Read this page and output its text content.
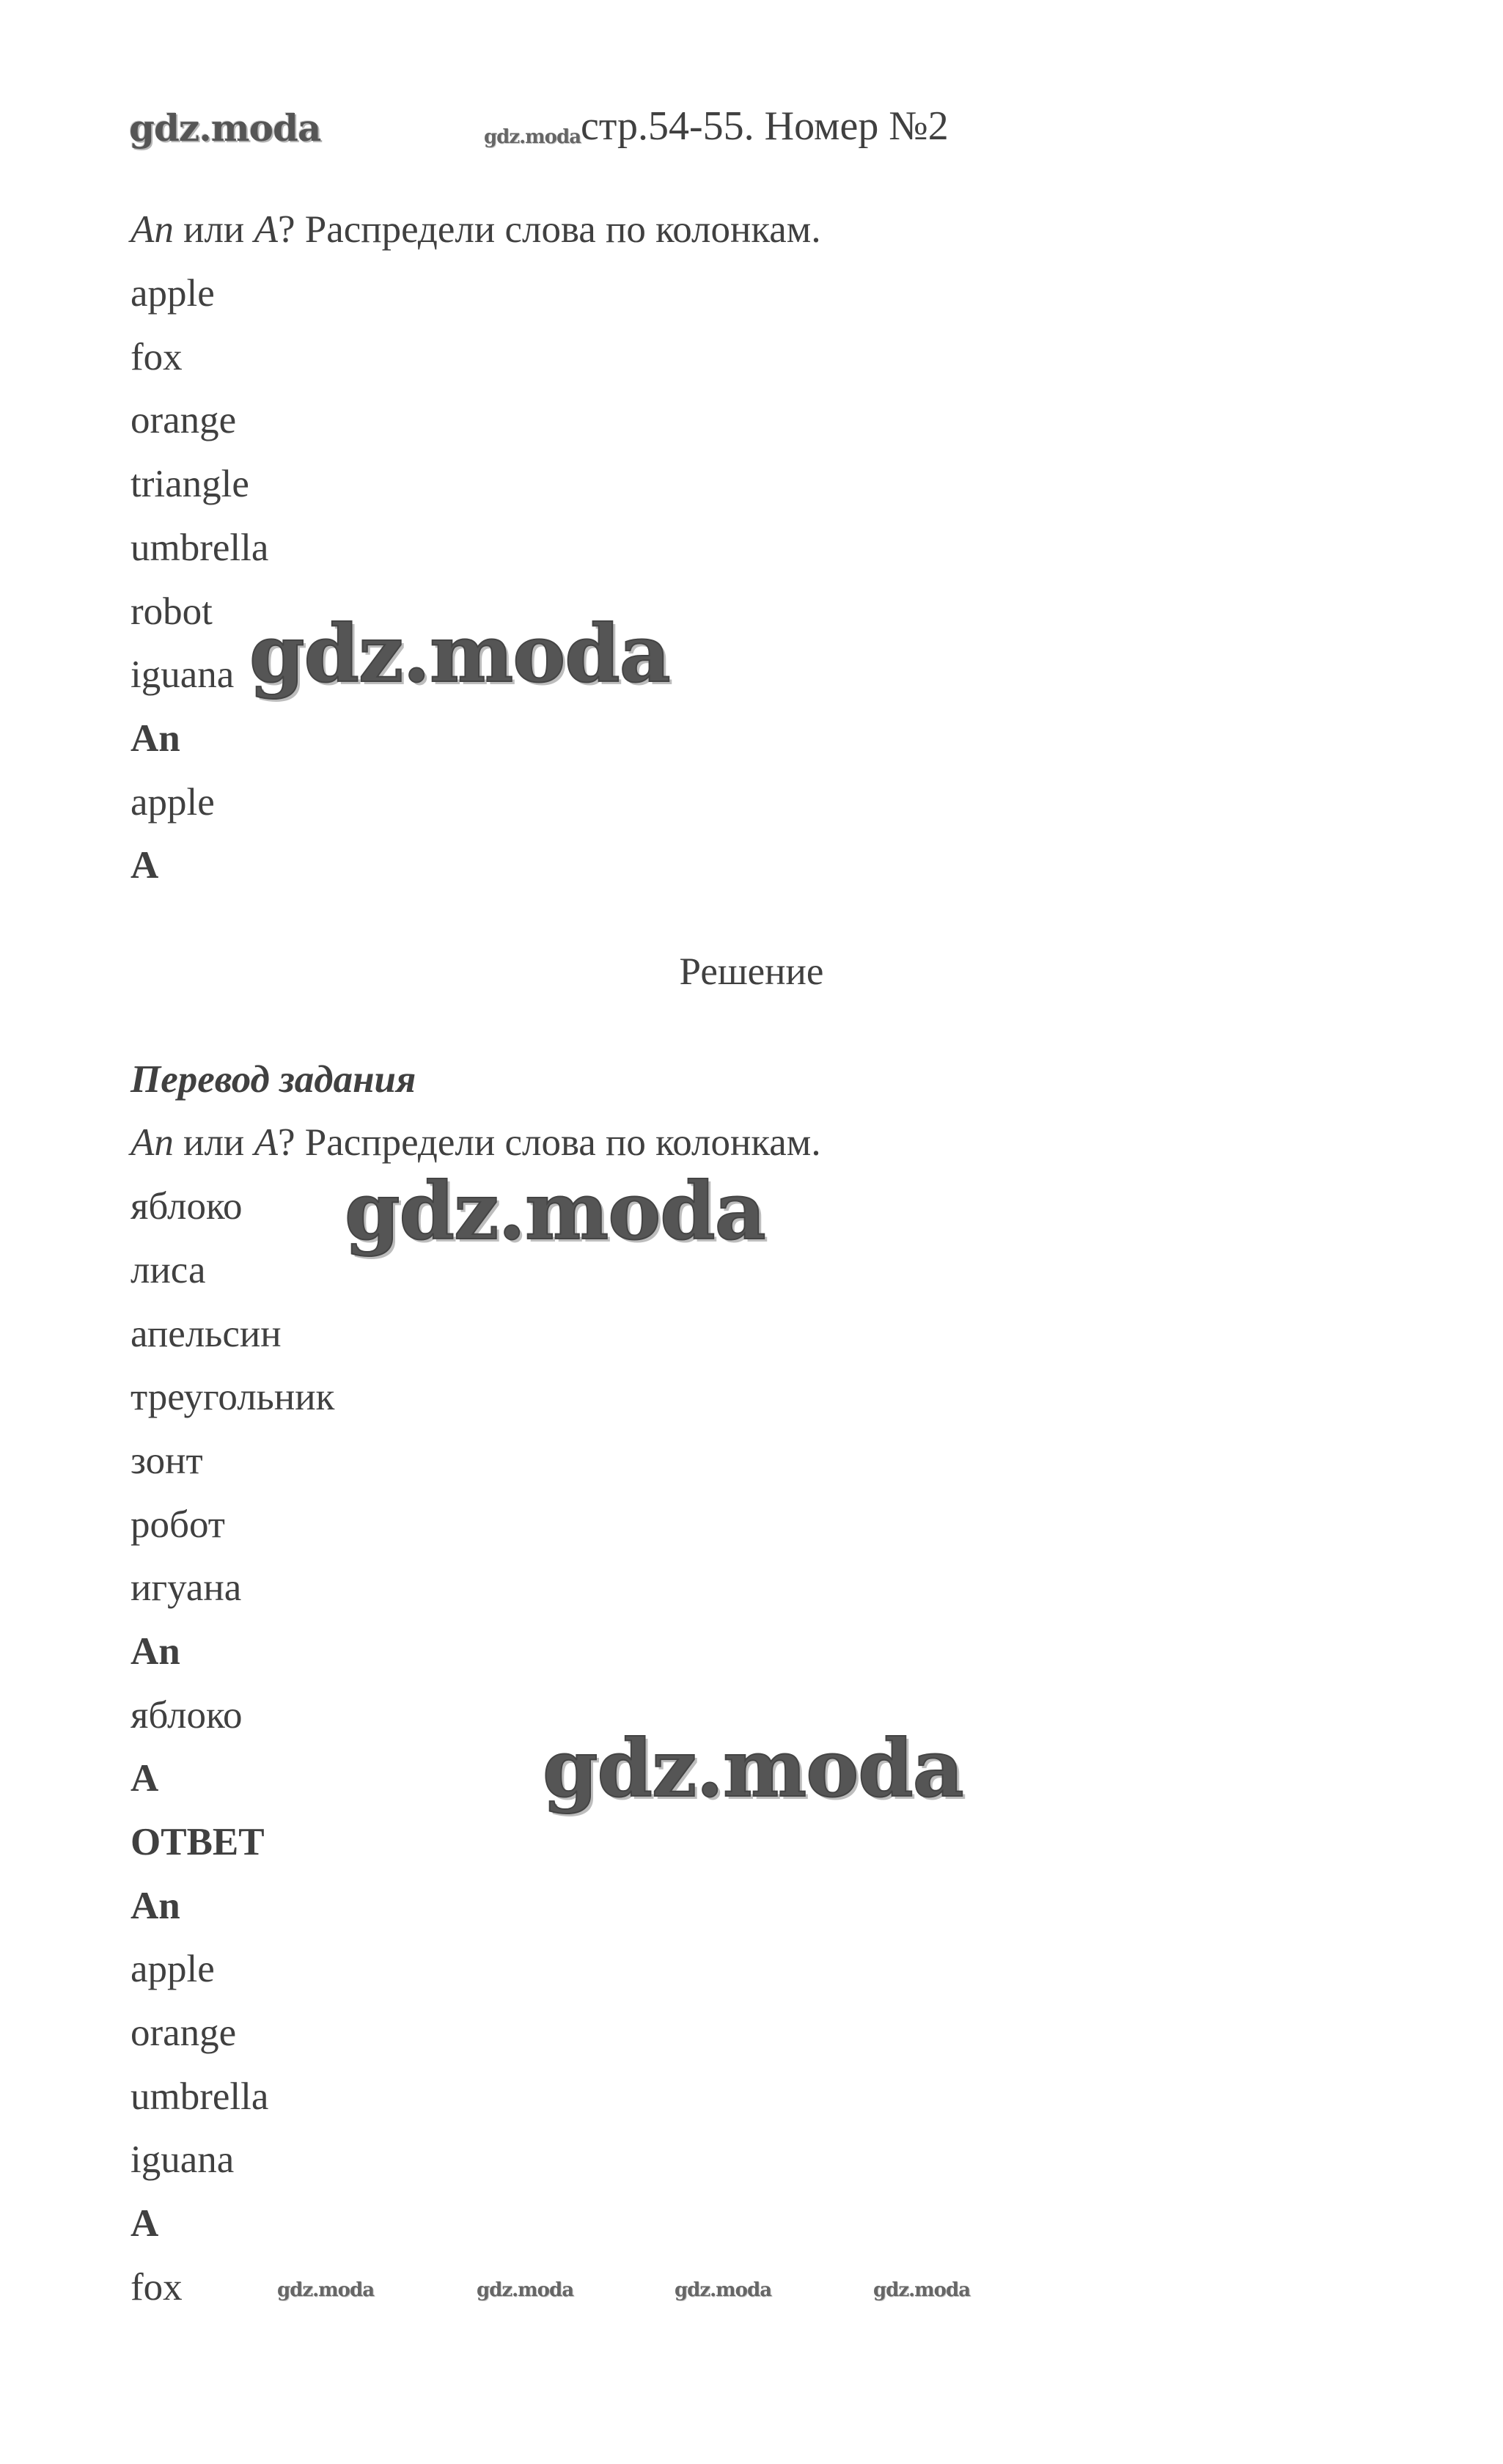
gdz.moda	gdz.moda стр.54-55. Номер №2
An или A? Распредели слова по колонкам.
apple
fox
orange
triangle
umbrella
robot
iguana
An
apple
A
Решение
Перевод задания
An или A? Распредели слова по колонкам.
яблоко
лиса
апельсин
треугольник
зонт
робот
игуана
An
яблоко
A
ОТВЕТ
An
apple
orange
umbrella
iguana
A
fox
gdz.moda
gdz.moda
gdz.moda
gdz.moda	gdz.moda	gdz.moda	gdz.moda
